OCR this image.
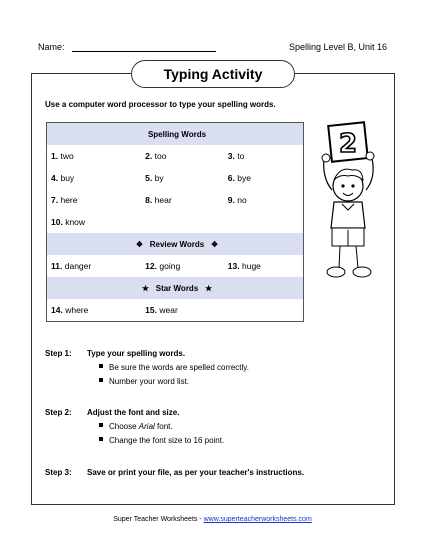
Name:	Spelling Level B, Unit 16
Typing Activity
Use a computer word processor to type your spelling words.
Spelling Words		
1. two	2. too	3. to
4. buy	5. by	6. bye
7. here	8. hear	9. no
10. know		
❖ Review Words ❖		
11. danger	12. going	13. huge
★ Star Words ★		
14. where	15. wear	
2
Step 1: Type your spelling words.
Be sure the words are spelled correctly.
Number your word list.
Step 2: Adjust the font and size.
Choose Arial font.
Change the font size to 16 point.
Step 3: Save or print your file, as per your teacher's instructions.
Super Teacher Worksheets - www.superteacherworksheets.com
